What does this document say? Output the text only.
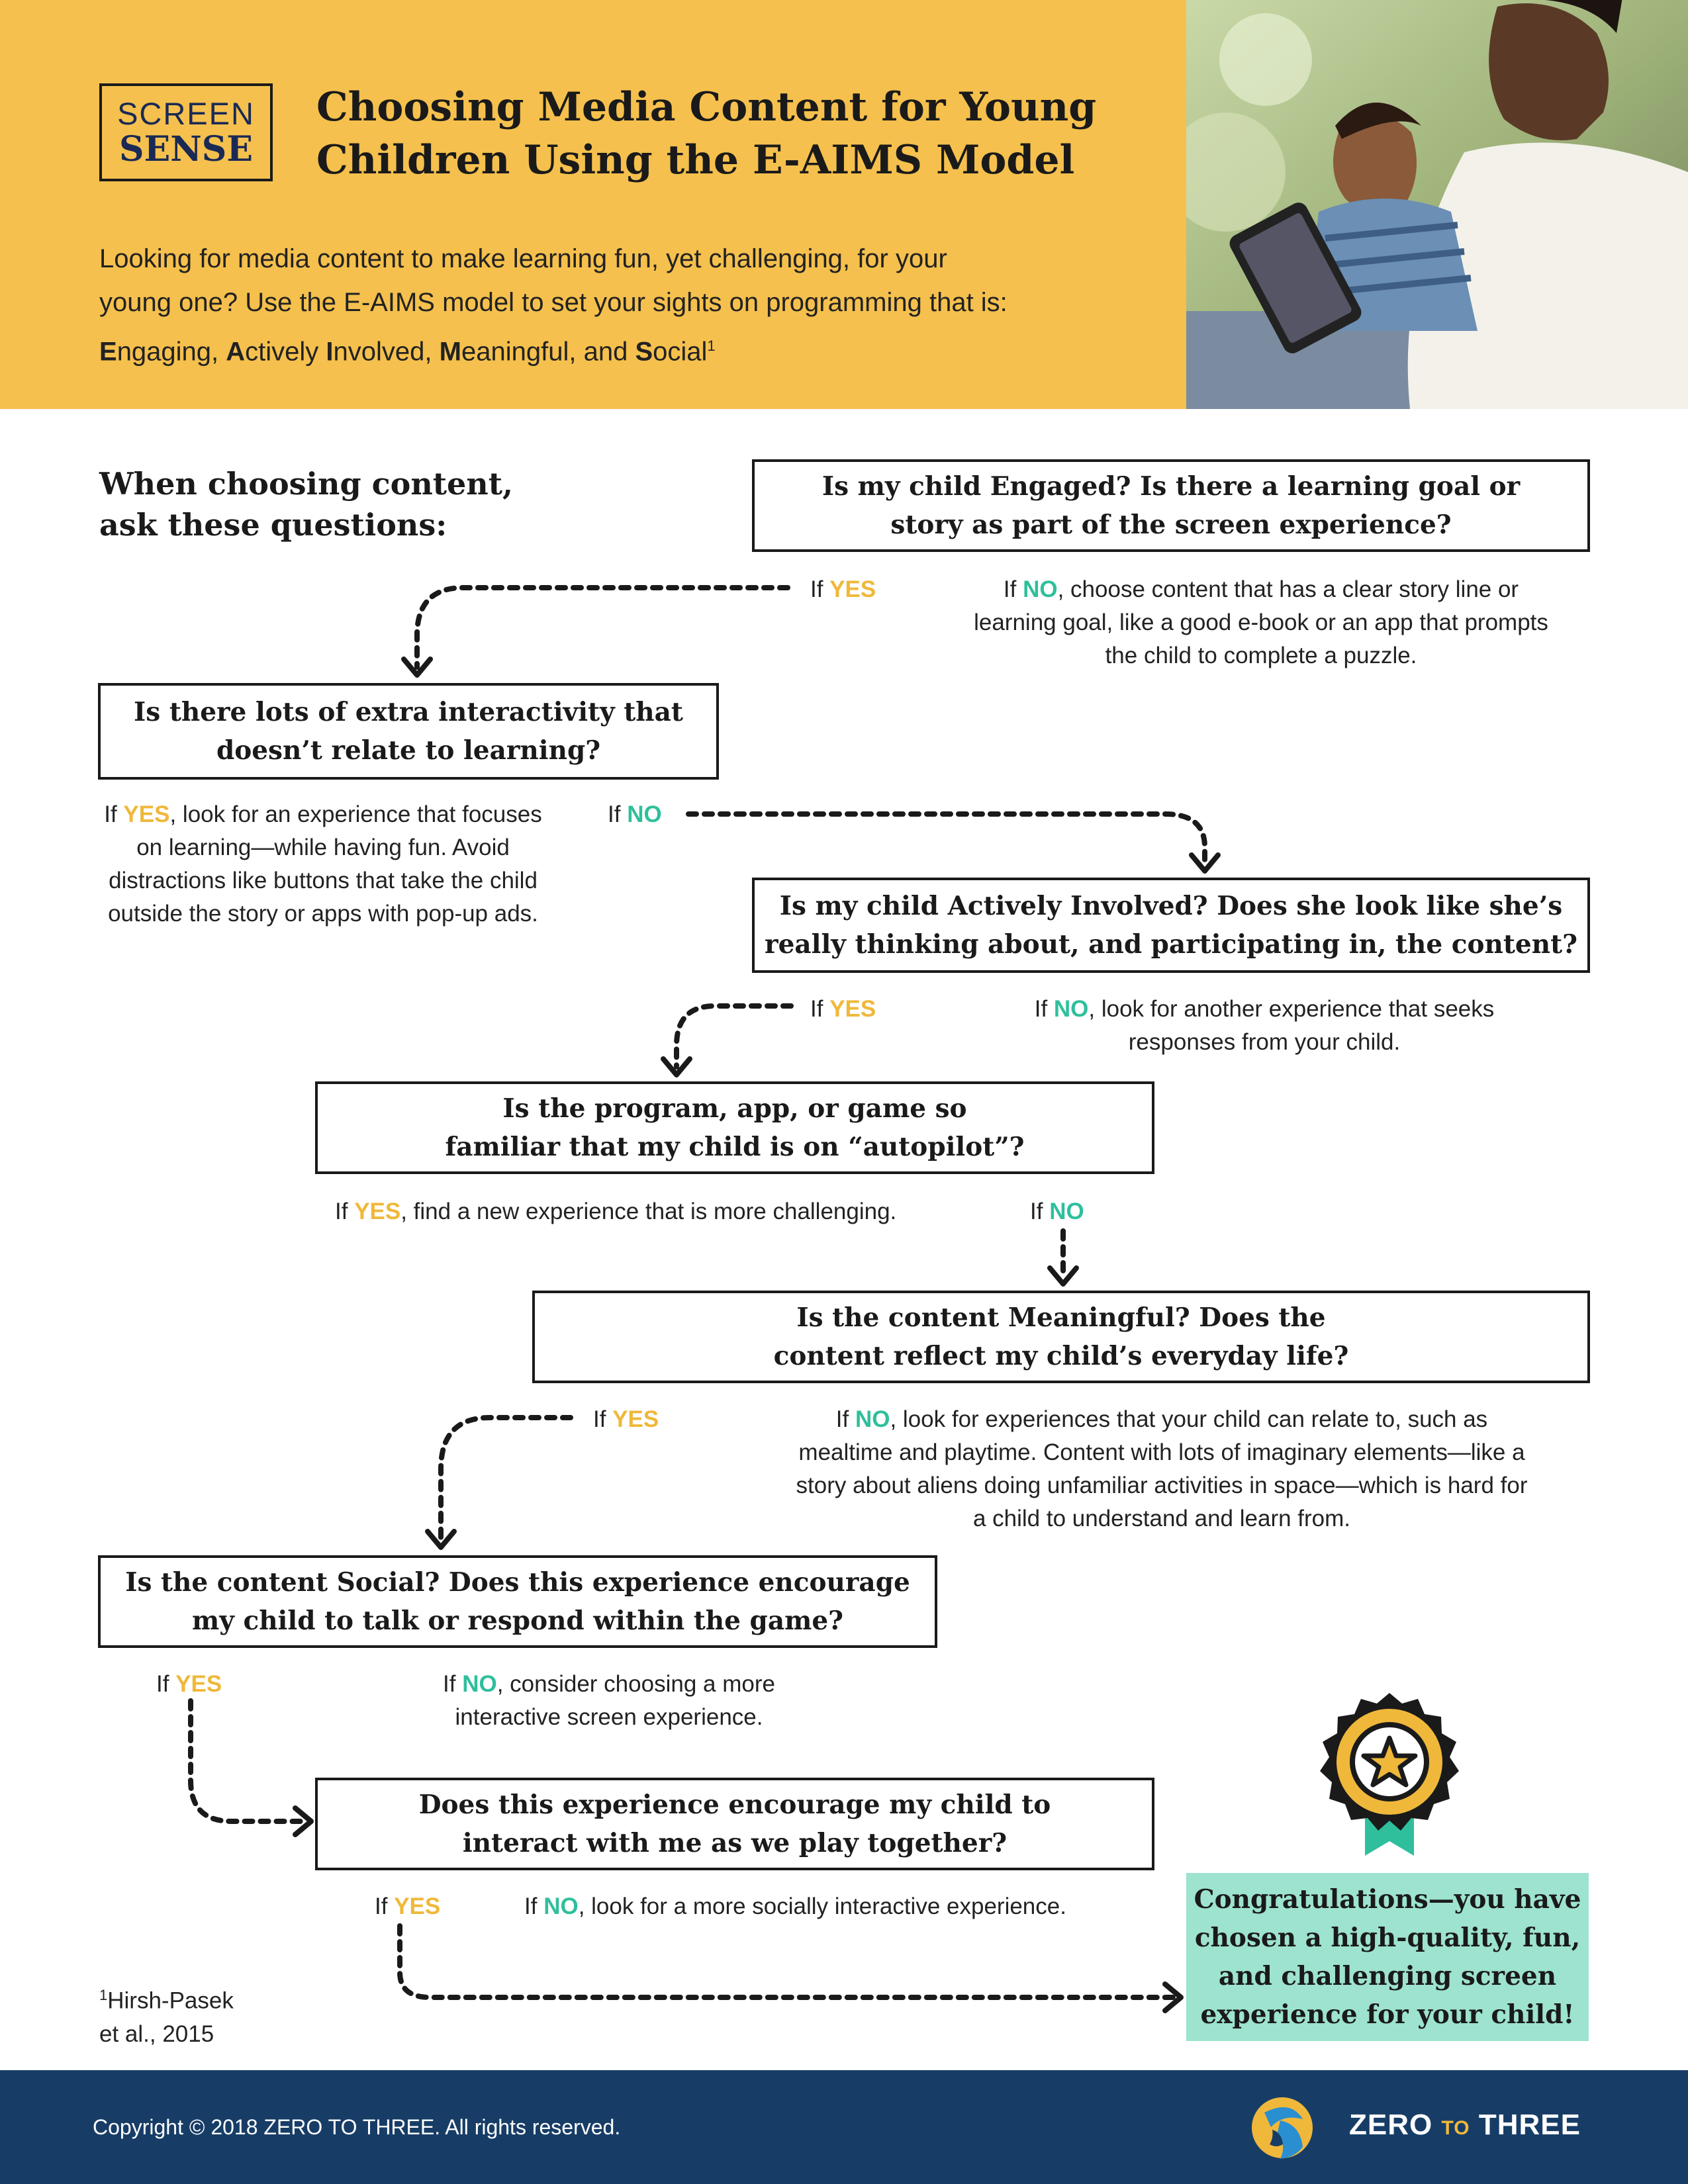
SCREEN
SENSE
Choosing Media Content for Young
Children Using the E-AIMS Model
Looking for media content to make learning fun, yet challenging, for your
young one? Use the E-AIMS model to set your sights on programming that is:
Engaging, Actively Involved, Meaningful, and Social$^1$
When choosing content,
ask these questions:
Is my child Engaged? Is there a learning goal or
story as part of the screen experience?
If YES	If NO, choose content that has a clear story line or learning goal, like a good e-book or an app that prompts the child to complete a puzzle.
Is there lots of extra interactivity that
doesn’t relate to learning?
If YES, look for an experience that focuses on learning—while having fun. Avoid distractions like buttons that take the child outside the story or apps with pop-up ads.
If NO
Is my child Actively Involved? Does she look like she’s
really thinking about, and participating in, the content?
If YES	If NO, look for another experience that seeks responses from your child.
Is the program, app, or game so
familiar that my child is on “autopilot”?
If YES, find a new experience that is more challenging.	If NO
Is the content Meaningful? Does the
content reflect my child’s everyday life?
If YES	If NO, look for experiences that your child can relate to, such as mealtime and playtime. Content with lots of imaginary elements—like a story about aliens doing unfamiliar activities in space—which is hard for a child to understand and learn from.
Is the content Social? Does this experience encourage
my child to talk or respond within the game?
If YES	If NO, consider choosing a more interactive screen experience.
Does this experience encourage my child to
interact with me as we play together?
If YES	If NO, look for a more socially interactive experience.	Congratulations—you have
chosen a high-quality, fun,
and challenging screen
experience for your child!
$^1$Hirsh-Pasek
et al., 2015
Copyright © 2018 ZERO TO THREE. All rights reserved.	ZERO TO THREE
